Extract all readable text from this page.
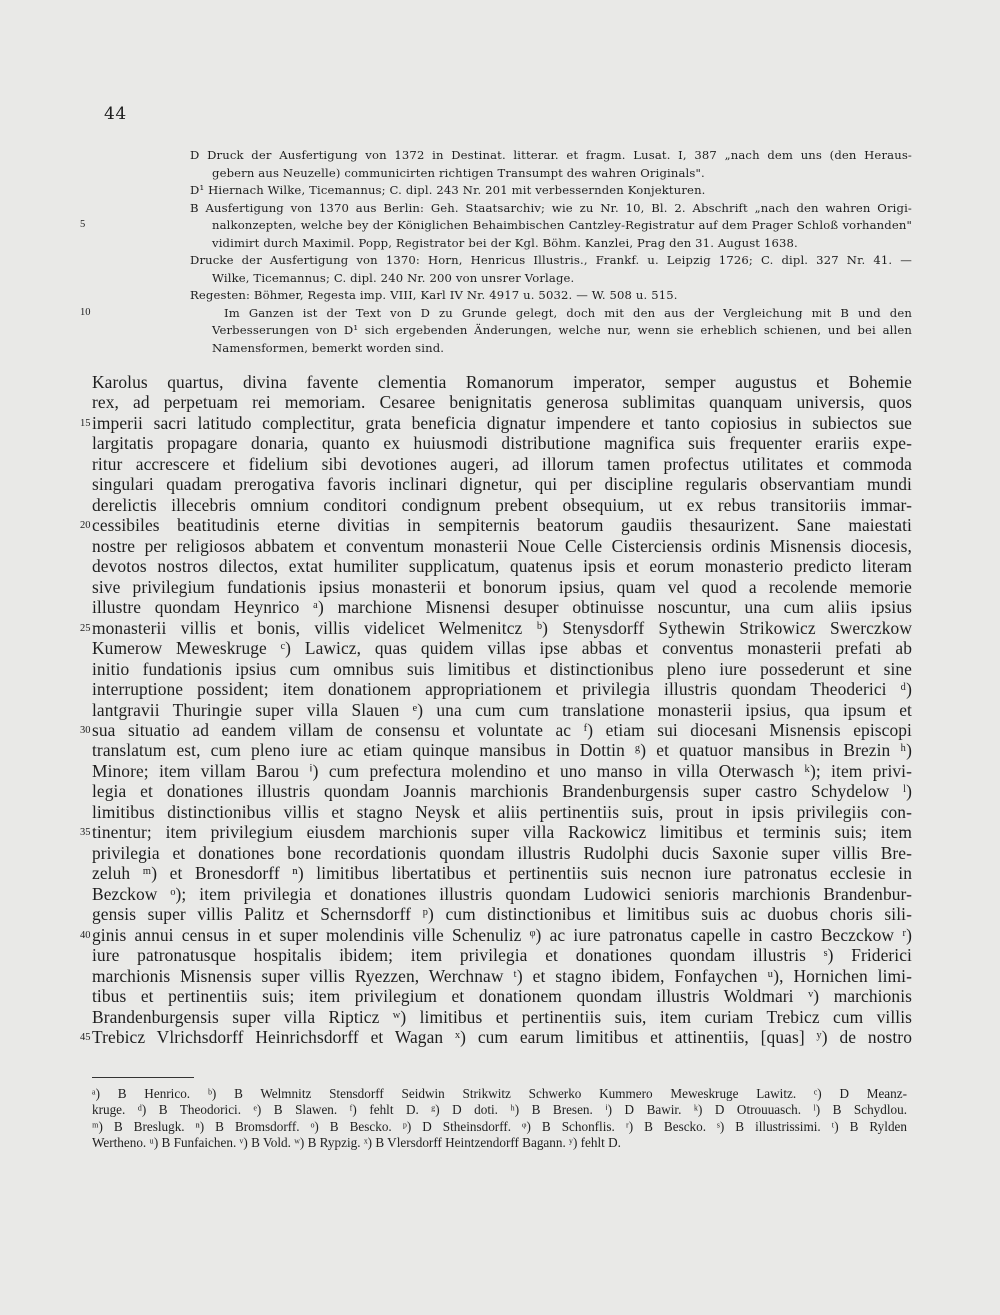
44
D Druck der Ausfertigung von 1372 in Destinat. litterar. et fragm. Lusat. I, 387 „nach dem uns (den Heraus-
gebern aus Neuzelle) communicirten richtigen Transumpt des wahren Originals".
D¹ Hiernach Wilke, Ticemannus; C. dipl. 243 Nr. 201 mit verbessernden Konjekturen.
B Ausfertigung von 1370 aus Berlin: Geh. Staatsarchiv; wie zu Nr. 10, Bl. 2. Abschrift „nach den wahren Origi-
nalkonzepten, welche bey der Königlichen Behaimbischen Cantzley-Registratur auf dem Prager Schloß vorhanden"
vidimirt durch Maximil. Popp, Registrator bei der Kgl. Böhm. Kanzlei, Prag den 31. August 1638.
Drucke der Ausfertigung von 1370: Horn, Henricus Illustris., Frankf. u. Leipzig 1726; C. dipl. 327 Nr. 41. —
Wilke, Ticemannus; C. dipl. 240 Nr. 200 von unsrer Vorlage.
Regesten: Böhmer, Regesta imp. VIII, Karl IV Nr. 4917 u. 5032. — W. 508 u. 515.
Im Ganzen ist der Text von D zu Grunde gelegt, doch mit den aus der Vergleichung mit B und den
Verbesserungen von D¹ sich ergebenden Änderungen, welche nur, wenn sie erheblich schienen, und bei allen
Namensformen, bemerkt worden sind.
5
10
15
20
25
30
35
40
45
Karolus quartus, divina favente clementia Romanorum imperator, semper augustus et Bohemie
rex, ad perpetuam rei memoriam. Cesaree benignitatis generosa sublimitas quanquam universis, quos
imperii sacri latitudo complectitur, grata beneficia dignatur impendere et tanto copiosius in subiectos sue
largitatis propagare donaria, quanto ex huiusmodi distributione magnifica suis frequenter erariis expe-
ritur accrescere et fidelium sibi devotiones augeri, ad illorum tamen profectus utilitates et commoda
singulari quadam prerogativa favoris inclinari dignetur, qui per discipline regularis observantiam mundi
derelictis illecebris omnium conditori condignum prebent obsequium, ut ex rebus transitoriis immar-
cessibiles beatitudinis eterne divitias in sempiternis beatorum gaudiis thesaurizent. Sane maiestati
nostre per religiosos abbatem et conventum monasterii Noue Celle Cisterciensis ordinis Misnensis diocesis,
devotos nostros dilectos, extat humiliter supplicatum, quatenus ipsis et eorum monasterio predicto literam
sive privilegium fundationis ipsius monasterii et bonorum ipsius, quam vel quod a recolende memorie
illustre quondam Heynrico ᵃ) marchione Misnensi desuper obtinuisse noscuntur, una cum aliis ipsius
monasterii villis et bonis, villis videlicet Welmenitcz ᵇ) Stenysdorff Sythewin Strikowicz Swerczkow
Kumerow Meweskruge ᶜ) Lawicz, quas quidem villas ipse abbas et conventus monasterii prefati ab
initio fundationis ipsius cum omnibus suis limitibus et distinctionibus pleno iure possederunt et sine
interruptione possident; item donationem appropriationem et privilegia illustris quondam Theoderici ᵈ)
lantgravii Thuringie super villa Slauen ᵉ) una cum cum translatione monasterii ipsius, qua ipsum et
sua situatio ad eandem villam de consensu et voluntate ac ᶠ) etiam sui diocesani Misnensis episcopi
translatum est, cum pleno iure ac etiam quinque mansibus in Dottin ᵍ) et quatuor mansibus in Brezin ʰ)
Minore; item villam Barou ⁱ) cum prefectura molendino et uno manso in villa Oterwasch ᵏ); item privi-
legia et donationes illustris quondam Joannis marchionis Brandenburgensis super castro Schydelow ˡ)
limitibus distinctionibus villis et stagno Neysk et aliis pertinentiis suis, prout in ipsis privilegiis con-
tinentur; item privilegium eiusdem marchionis super villa Rackowicz limitibus et terminis suis; item
privilegia et donationes bone recordationis quondam illustris Rudolphi ducis Saxonie super villis Bre-
zeluh ᵐ) et Bronesdorff ⁿ) limitibus libertatibus et pertinentiis suis necnon iure patronatus ecclesie in
Bezckow ᵒ); item privilegia et donationes illustris quondam Ludowici senioris marchionis Brandenbur-
gensis super villis Palitz et Schernsdorff ᵖ) cum distinctionibus et limitibus suis ac duobus choris sili-
ginis annui census in et super molendinis ville Schenuliz ᵠ) ac iure patronatus capelle in castro Beczckow ʳ)
iure patronatusque hospitalis ibidem; item privilegia et donationes quondam illustris ˢ) Friderici
marchionis Misnensis super villis Ryezzen, Werchnaw ᵗ) et stagno ibidem, Fonfaychen ᵘ), Hornichen limi-
tibus et pertinentiis suis; item privilegium et donationem quondam illustris Woldmari ᵛ) marchionis
Brandenburgensis super villa Ripticz ʷ) limitibus et pertinentiis suis, item curiam Trebicz cum villis
Trebicz Vlrichsdorff Heinrichsdorff et Wagan ˣ) cum earum limitibus et attinentiis, [quas] ʸ) de nostro
ᵃ) B Henrico. ᵇ) B Welmnitz Stensdorff Seidwin Strikwitz Schwerko Kummero Meweskruge Lawitz. ᶜ) D Meanz-
kruge. ᵈ) B Theodorici. ᵉ) B Slawen. ᶠ) fehlt D. ᵍ) D doti. ʰ) B Bresen. ⁱ) D Bawir. ᵏ) D Otrouuasch. ˡ) B Schydlou.
ᵐ) B Breslugk. ⁿ) B Bromsdorff. ᵒ) B Bescko. ᵖ) D Stheinsdorff. ᵠ) B Schonflis. ʳ) B Bescko. ˢ) B illustrissimi. ᵗ) B Rylden
Wertheno. ᵘ) B Funfaichen. ᵛ) B Vold. ʷ) B Rypzig. ˣ) B Vlersdorff Heintzendorff Bagann. ʸ) fehlt D.
